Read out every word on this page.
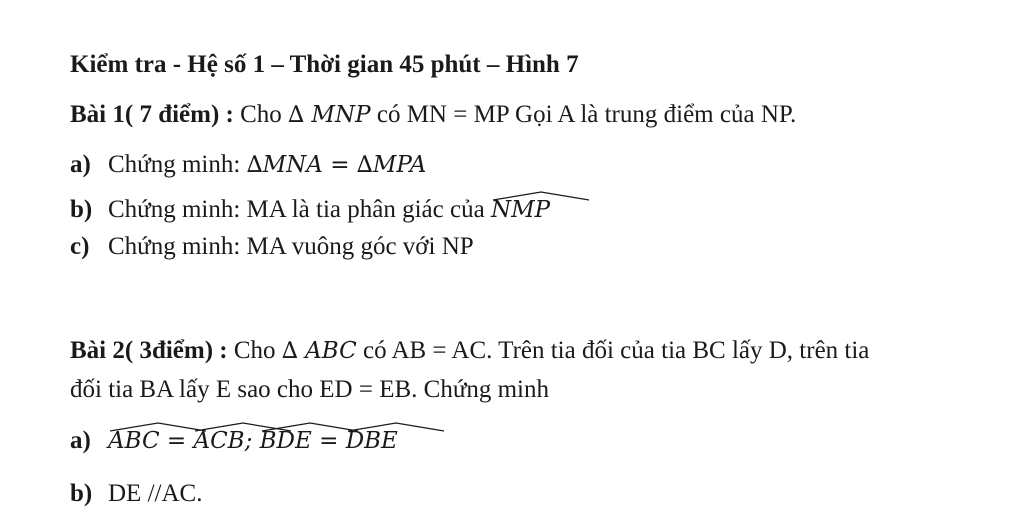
Kiểm tra - Hệ số 1 – Thời gian 45 phút – Hình 7
Bài 1( 7 điểm) : Cho ∆ MNP có MN = MP Gọi A là trung điểm của NP.
a) Chứng minh: ∆MNA = ∆MPA
b) Chứng minh: MA là tia phân giác của
NMP
c) Chứng minh: MA vuông góc với NP
Bài 2( 3điểm) : Cho ∆ ABC có AB = AC. Trên tia đối của tia BC lấy D, trên tia
đối tia BA lấy E sao cho ED = EB. Chứng minh
a) ABC =
ACB;
BDE =
DBE
b) DE //AC.
